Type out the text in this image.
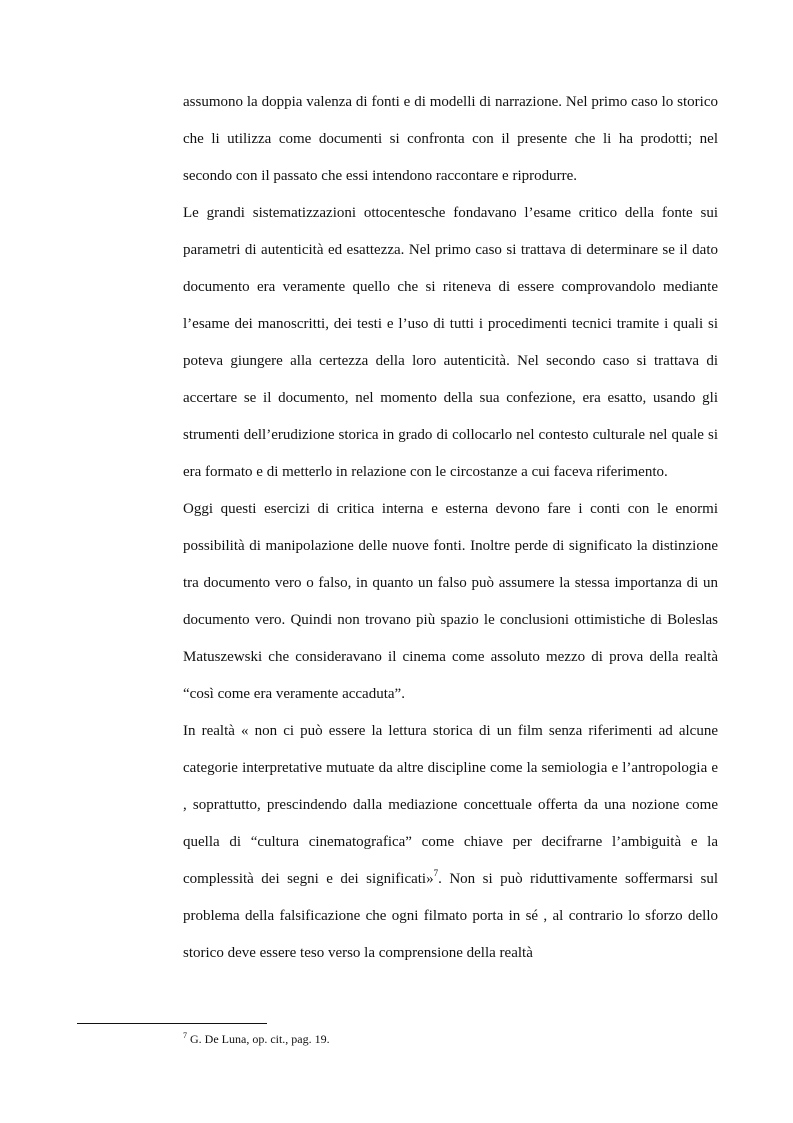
assumono la doppia valenza di fonti e di modelli di narrazione. Nel primo caso lo storico che li utilizza come documenti si confronta con il presente che li ha prodotti; nel secondo con il passato che essi intendono raccontare e riprodurre.

Le grandi sistematizzazioni ottocentesche fondavano l’esame critico della fonte sui parametri di autenticità ed esattezza. Nel primo caso si trattava di determinare se il dato documento era veramente quello che si riteneva di essere comprovandolo mediante l’esame dei manoscritti, dei testi e l’uso di tutti i procedimenti tecnici tramite i quali si poteva giungere alla certezza della loro autenticità. Nel secondo caso si trattava di accertare se il documento, nel momento della sua confezione, era esatto, usando gli strumenti dell’erudizione storica in grado di collocarlo nel contesto culturale nel quale si era formato e di metterlo in relazione con le circostanze a cui faceva riferimento.

Oggi questi esercizi di critica interna e esterna devono fare i conti con le enormi possibilità di manipolazione delle nuove fonti. Inoltre perde di significato la distinzione tra documento vero o falso, in quanto un falso può assumere la stessa importanza di un documento vero. Quindi non trovano più spazio le conclusioni ottimistiche di Boleslas Matuszewski che consideravano il cinema come assoluto mezzo di prova della realtà “così come era veramente accaduta”.

In realtà « non ci può essere la lettura storica di un film senza riferimenti ad alcune categorie interpretative mutuate da altre discipline come la semiologia e l’antropologia e , soprattutto, prescindendo dalla mediazione concettuale offerta da una nozione come quella di “cultura cinematografica” come chiave per decifrarne l’ambiguità e la complessità dei segni e dei significati»$^7$. Non si può riduttivamente soffermarsi sul problema della falsificazione che ogni filmato porta in sé , al contrario lo sforzo dello storico deve essere teso verso la comprensione della realtà

$^7$ G. De Luna, op. cit., pag. 19.
